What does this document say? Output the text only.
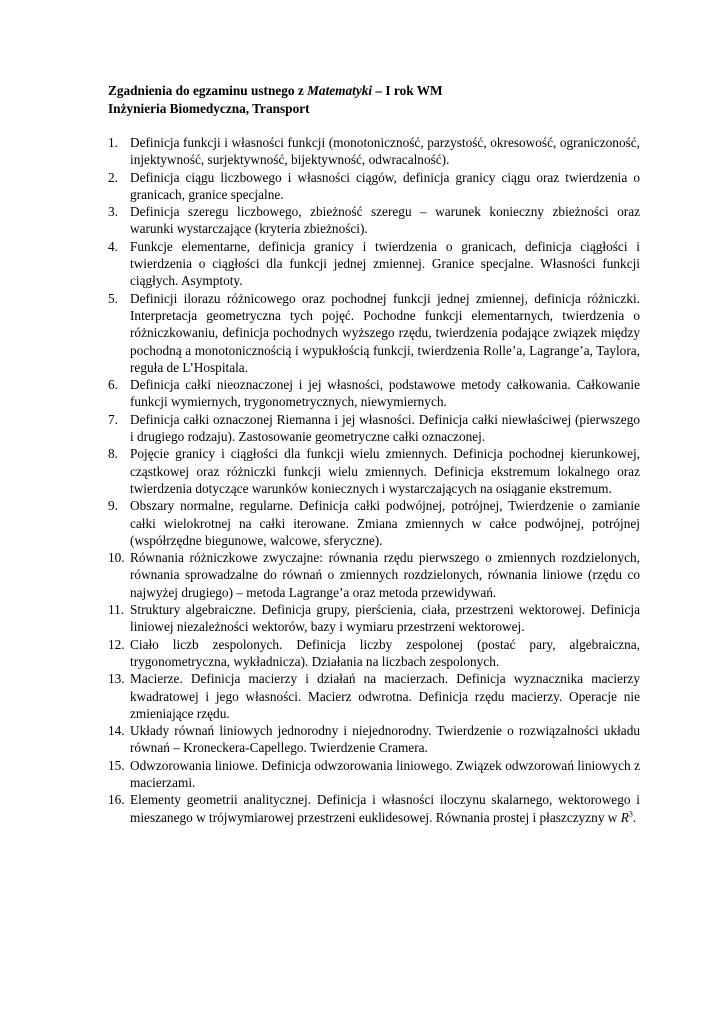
Zgadnienia do egzaminu ustnego z Matematyki – I rok WM

Inżynieria Biomedyczna, Transport

1. Definicja funkcji i własności funkcji (monotoniczność, parzystość, okresowość, ograniczoność, injektywność, surjektywność, bijektywność, odwracalność).
2. Definicja ciągu liczbowego i własności ciągów, definicja granicy ciągu oraz twierdzenia o granicach, granice specjalne.
3. Definicja szeregu liczbowego, zbieżność szeregu – warunek konieczny zbieżności oraz warunki wystarczające (kryteria zbieżności).
4. Funkcje elementarne, definicja granicy i twierdzenia o granicach, definicja ciągłości i twierdzenia o ciągłości dla funkcji jednej zmiennej. Granice specjalne. Własności funkcji ciągłych. Asymptoty.
5. Definicji ilorazu różnicowego oraz pochodnej funkcji jednej zmiennej, definicja różniczki. Interpretacja geometryczna tych pojęć. Pochodne funkcji elementarnych, twierdzenia o różniczkowaniu, definicja pochodnych wyższego rzędu, twierdzenia podające związek między pochodną a monotonicznością i wypukłością funkcji, twierdzenia Rolle’a, Lagrange’a, Taylora, reguła de L’Hospitala.
6. Definicja całki nieoznaczonej i jej własności, podstawowe metody całkowania. Całkowanie funkcji wymiernych, trygonometrycznych, niewymiernych.
7. Definicja całki oznaczonej Riemanna i jej własności. Definicja całki niewłaściwej (pierwszego i drugiego rodzaju). Zastosowanie geometryczne całki oznaczonej.
8. Pojęcie granicy i ciągłości dla funkcji wielu zmiennych. Definicja pochodnej kierunkowej, cząstkowej oraz różniczki funkcji wielu zmiennych. Definicja ekstremum lokalnego oraz twierdzenia dotyczące warunków koniecznych i wystarczających na osiąganie ekstremum.
9. Obszary normalne, regularne. Definicja całki podwójnej, potrójnej, Twierdzenie o zamianie całki wielokrotnej na całki iterowane. Zmiana zmiennych w całce podwójnej, potrójnej (współrzędne biegunowe, walcowe, sferyczne).
10. Równania różniczkowe zwyczajne: równania rzędu pierwszego o zmiennych rozdzielonych, równania sprowadzalne do równań o zmiennych rozdzielonych, równania liniowe (rzędu co najwyżej drugiego) – metoda Lagrange’a oraz metoda przewidywań.
11. Struktury algebraiczne. Definicja grupy, pierścienia, ciała, przestrzeni wektorowej. Definicja liniowej niezależności wektorów, bazy i wymiaru przestrzeni wektorowej.
12. Ciało liczb zespolonych. Definicja liczby zespolonej (postać pary, algebraiczna, trygonometryczna, wykładnicza). Działania na liczbach zespolonych.
13. Macierze. Definicja macierzy i działań na macierzach. Definicja wyznacznika macierzy kwadratowej i jego własności. Macierz odwrotna. Definicja rzędu macierzy. Operacje nie zmieniające rzędu.
14. Układy równań liniowych jednorodny i niejednorodny. Twierdzenie o rozwiązalności układu równań – Kroneckera-Capellego. Twierdzenie Cramera.
15. Odwzorowania liniowe. Definicja odwzorowania liniowego. Związek odwzorowań liniowych z macierzami.
16. Elementy geometrii analitycznej. Definicja i własności iloczynu skalarnego, wektorowego i mieszanego w trójwymiarowej przestrzeni euklidesowej. Równania prostej i płaszczyzny w $R^3$.
